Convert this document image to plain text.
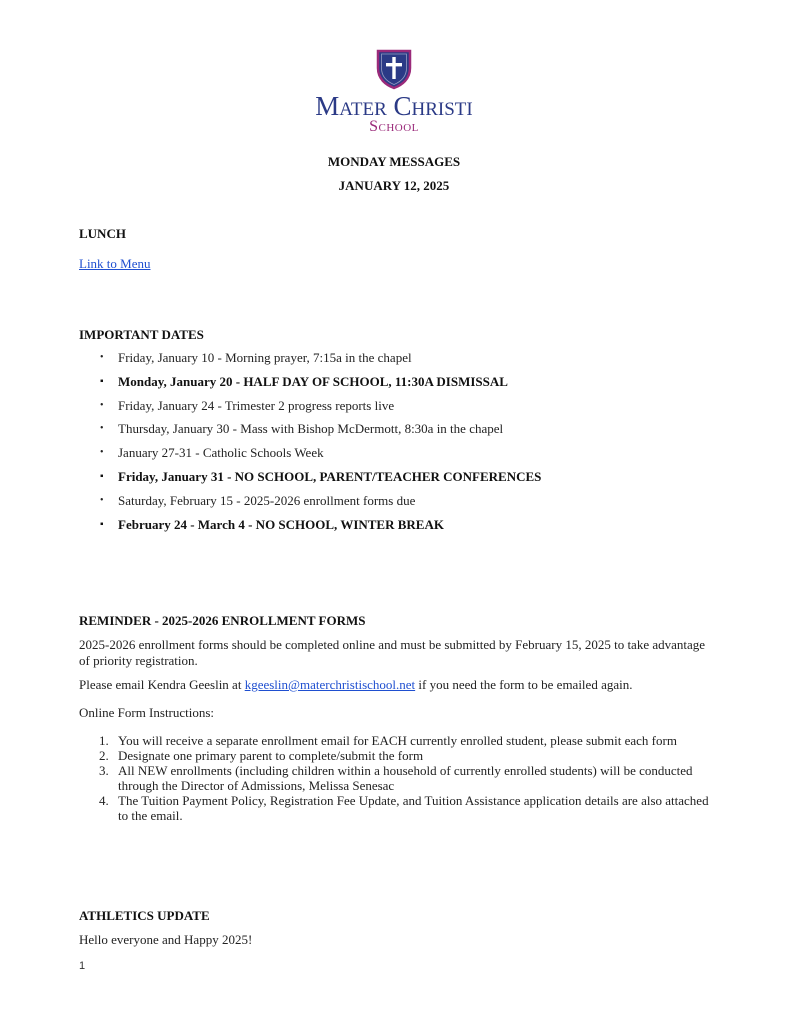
Mater Christi
School
MONDAY MESSAGES
JANUARY 12, 2025
LUNCH
Link to Menu
IMPORTANT DATES
• Friday, January 10 - Morning prayer, 7:15a in the chapel
▪ Monday, January 20 - HALF DAY OF SCHOOL, 11:30A DISMISSAL
• Friday, January 24 - Trimester 2 progress reports live
• Thursday, January 30 - Mass with Bishop McDermott, 8:30a in the chapel
• January 27-31 - Catholic Schools Week
▪ Friday, January 31 - NO SCHOOL, PARENT/TEACHER CONFERENCES
• Saturday, February 15 - 2025-2026 enrollment forms due
▪ February 24 - March 4 - NO SCHOOL, WINTER BREAK
REMINDER - 2025-2026 ENROLLMENT FORMS
2025-2026 enrollment forms should be completed online and must be submitted by February 15, 2025 to take advantage of priority registration.
Please email Kendra Geeslin at kgeeslin@materchristischool.net if you need the form to be emailed again.
Online Form Instructions:
1. You will receive a separate enrollment email for EACH currently enrolled student, please submit each form
2. Designate one primary parent to complete/submit the form
3. All NEW enrollments (including children within a household of currently enrolled students) will be conducted through the Director of Admissions, Melissa Senesac
4. The Tuition Payment Policy, Registration Fee Update, and Tuition Assistance application details are also attached to the email.
ATHLETICS UPDATE
Hello everyone and Happy 2025!
1
